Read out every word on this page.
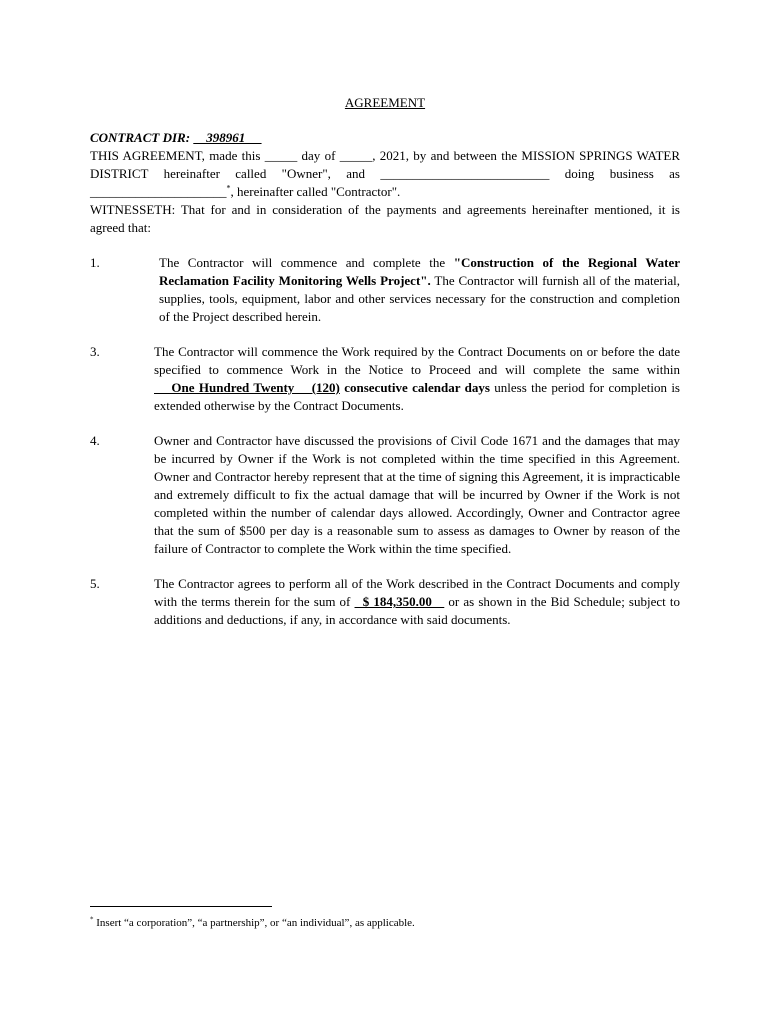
AGREEMENT

CONTRACT DIR:     398961

THIS AGREEMENT, made this _____ day of _____, 2021, by and between the MISSION SPRINGS WATER DISTRICT hereinafter called "Owner", and __________________________ doing business as _____________________*, hereinafter called "Contractor".

WITNESSETH: That for and in consideration of the payments and agreements hereinafter mentioned, it is agreed that:

1.	The Contractor will commence and complete the "Construction of the Regional Water Reclamation Facility Monitoring Wells Project". The Contractor will furnish all of the material, supplies, tools, equipment, labor and other services necessary for the construction and completion of the Project described herein.
3.	The Contractor will commence the Work required by the Contract Documents on or before the date specified to commence Work in the Notice to Proceed and will complete the same within     One Hundred Twenty    (120) consecutive calendar days unless the period for completion is extended otherwise by the Contract Documents.
4.	Owner and Contractor have discussed the provisions of Civil Code 1671 and the damages that may be incurred by Owner if the Work is not completed within the time specified in this Agreement. Owner and Contractor hereby represent that at the time of signing this Agreement, it is impracticable and extremely difficult to fix the actual damage that will be incurred by Owner if the Work is not completed within the number of calendar days allowed. Accordingly, Owner and Contractor agree that the sum of $500 per day is a reasonable sum to assess as damages to Owner by reason of the failure of Contractor to complete the Work within the time specified.
5.	The Contractor agrees to perform all of the Work described in the Contract Documents and comply with the terms therein for the sum of   $ 184,350.00    or as shown in the Bid Schedule; subject to additions and deductions, if any, in accordance with said documents.
* Insert “a corporation”, “a partnership”, or “an individual”, as applicable.
